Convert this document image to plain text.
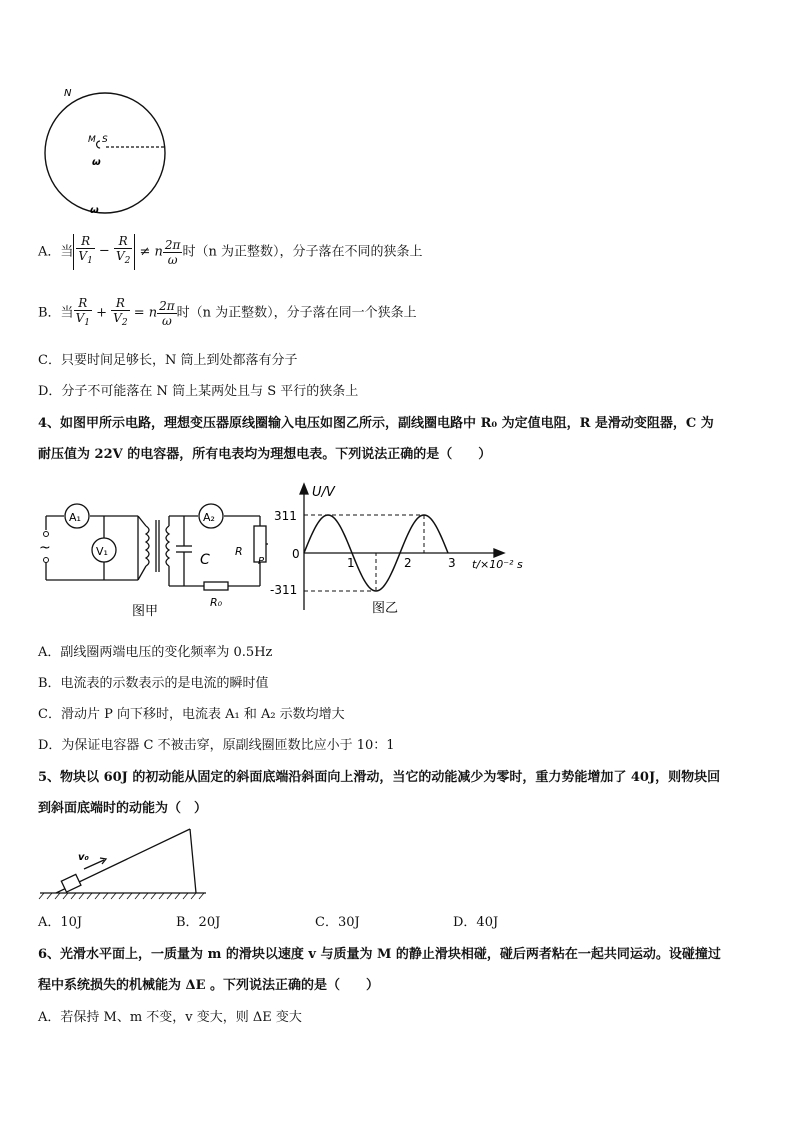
N
M S
ω
ω
A．当 $\frac{R}{V_1} - \frac{R}{V_2} \ne n \frac{2\pi}{\omega}$ 时（n 为正整数），分子落在不同的狭条上
B．当 $\frac{R}{V_1} + \frac{R}{V_2} = n \frac{2\pi}{\omega}$ 时（n 为正整数），分子落在同一个狭条上
C．只要时间足够长，N 筒上到处都落有分子
D．分子不可能落在 N 筒上某两处且与 S 平行的狭条上
4、如图甲所示电路，理想变压器原线圈输入电压如图乙所示，副线圈电路中 R₀ 为定值电阻，R 是滑动变阻器，C 为
耐压值为 22V 的电容器，所有电表均为理想电表。下列说法正确的是（　　）
~
A₁
V₁
A₂
C
R
P
R₀
图甲
U/V
311
0
-311
1	2	3 t/×10⁻² s
图乙
A．副线圈两端电压的变化频率为 0.5Hz
B．电流表的示数表示的是电流的瞬时值
C．滑动片 P 向下移时，电流表 A₁ 和 A₂ 示数均增大
D．为保证电容器 C 不被击穿，原副线圈匝数比应小于 10：1
5、物块以 60J 的初动能从固定的斜面底端沿斜面向上滑动，当它的动能减少为零时，重力势能增加了 40J，则物块回
到斜面底端时的动能为（　）
v₀
A．10J	B．20J	C．30J	D．40J
6、光滑水平面上，一质量为 m 的滑块以速度 v 与质量为 M 的静止滑块相碰，碰后两者粘在一起共同运动。设碰撞过
程中系统损失的机械能为 ΔE 。下列说法正确的是（　　）
A．若保持 M、m 不变，v 变大，则 ΔE 变大
